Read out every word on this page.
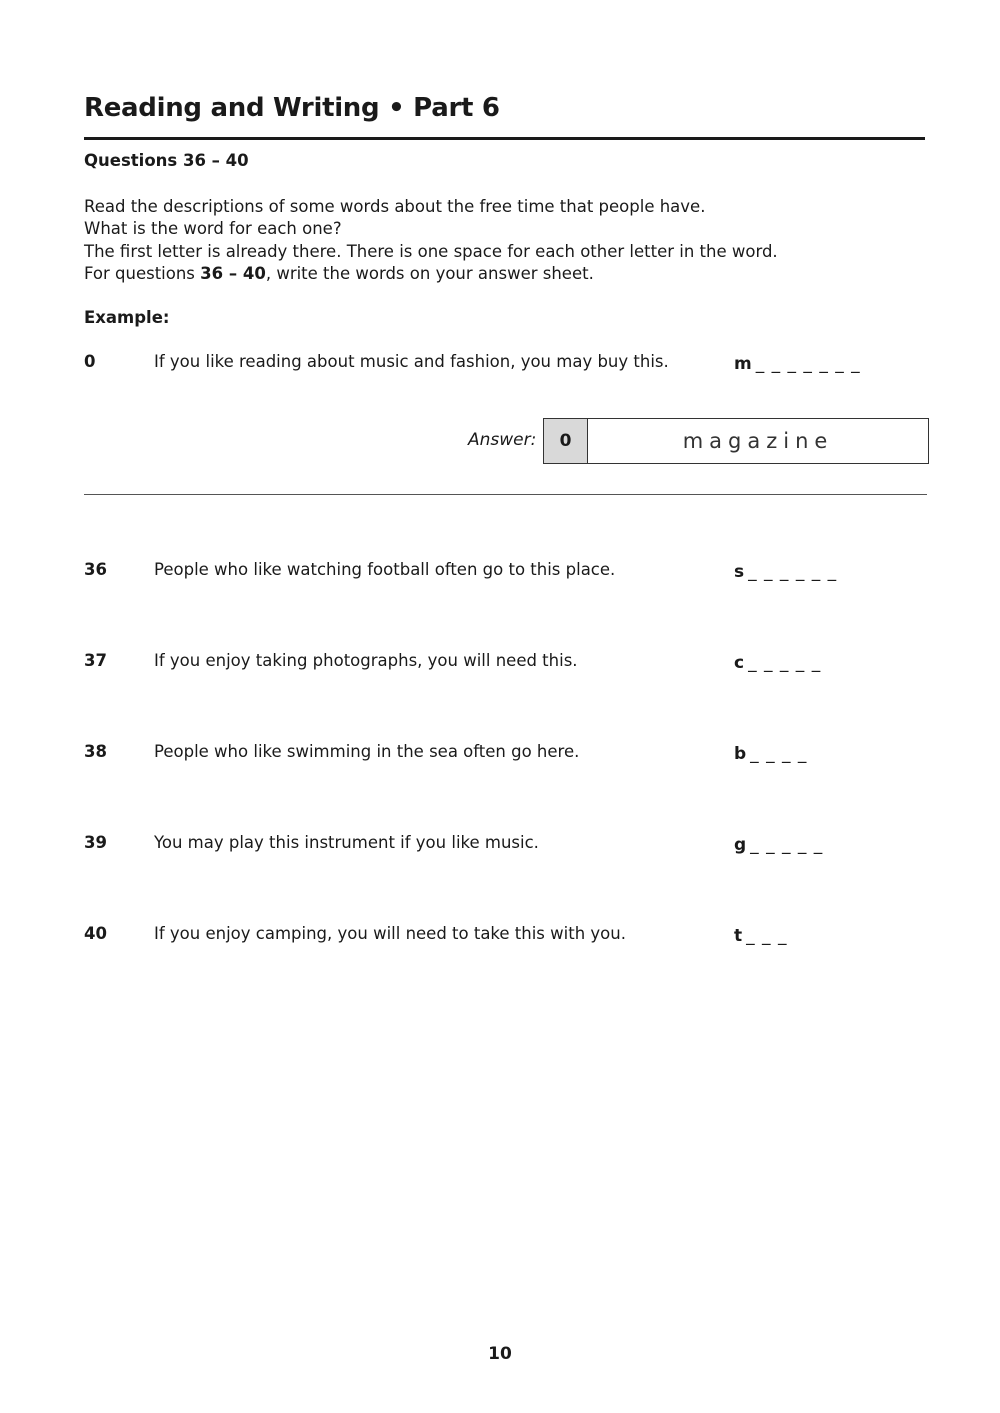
Reading and Writing • Part 6
Questions 36 – 40
Read the descriptions of some words about the free time that people have.
What is the word for each one?
The first letter is already there. There is one space for each other letter in the word.
For questions 36 – 40, write the words on your answer sheet.
Example:
0	If you like reading about music and fashion, you may buy this.	m _ _ _ _ _ _ _
Answer:	0	magazine
36	People who like watching football often go to this place.	s _ _ _ _ _ _
37	If you enjoy taking photographs, you will need this.	c _ _ _ _ _
38	People who like swimming in the sea often go here.	b _ _ _ _
39	You may play this instrument if you like music.	g _ _ _ _ _
40	If you enjoy camping, you will need to take this with you.	t _ _ _
10
